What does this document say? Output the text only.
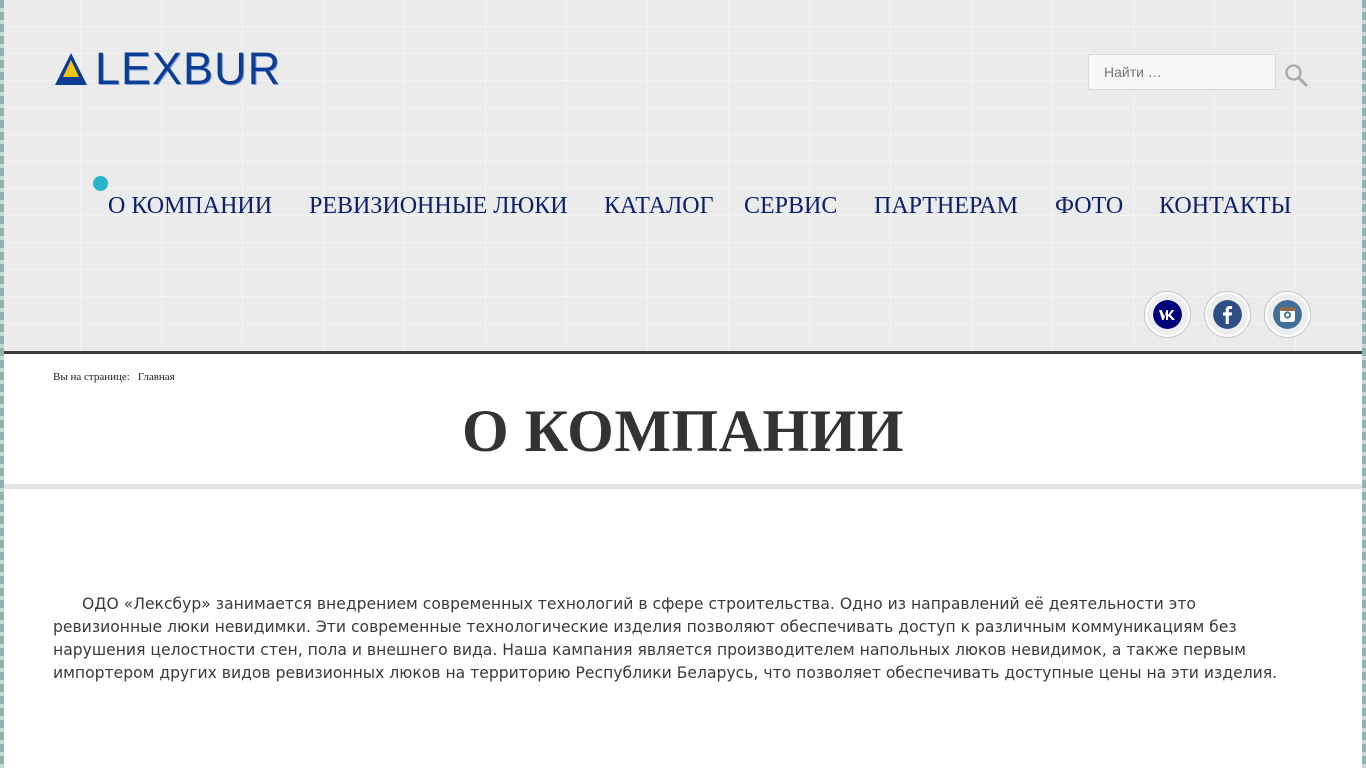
LEXBUR
Найти …
О КОМПАНИИ РЕВИЗИОННЫЕ ЛЮКИ КАТАЛОГ СЕРВИС ПАРТНЕРАМ ФОТО КОНТАКТЫ
Вы на странице: Главная
О КОМПАНИИ

ОДО «Лексбур» занимается внедрением современных технологий в сфере строительства. Одно из направлений её деятельности это ревизионные люки невидимки. Эти современные технологические изделия позволяют обеспечивать доступ к различным коммуникациям без нарушения целостности стен, пола и внешнего вида. Наша кампания является производителем напольных люков невидимок, а также первым импортером других видов ревизионных люков на территорию Республики Беларусь, что позволяет обеспечивать доступные цены на эти изделия.
